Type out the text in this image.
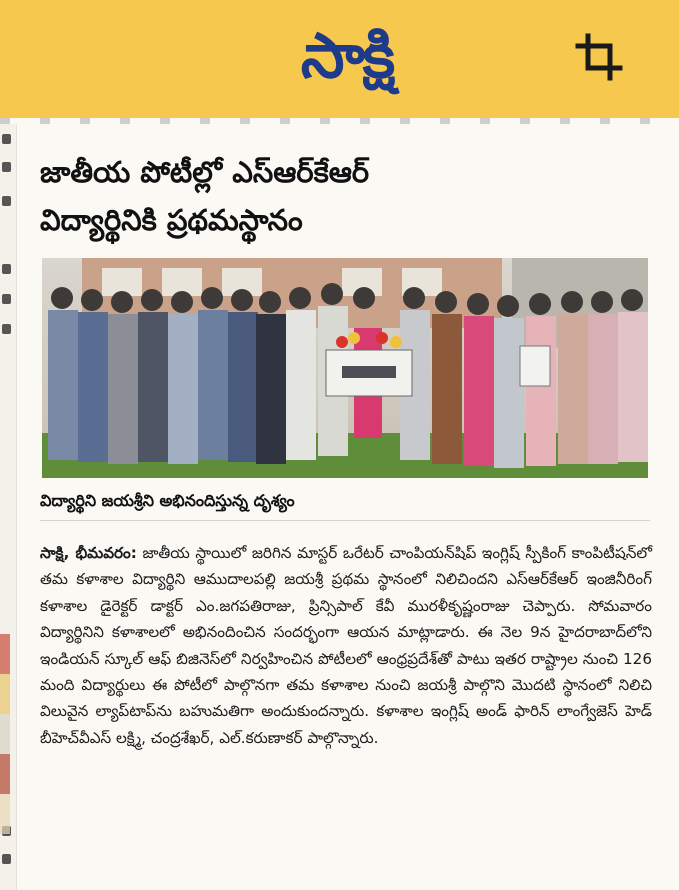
సాక్షి
జాతీయ పోటీల్లో ఎస్‌ఆర్‌కేఆర్
విద్యార్థినికి ప్రథమస్థానం
విద్యార్థిని జయశ్రీని అభినందిస్తున్న దృశ్యం
సాక్షి, భీమవరం: జాతీయ స్థాయిలో జరిగిన మాస్టర్ ఒరేటర్ చాంపియన్‌షిప్ ఇంగ్లిష్ స్పీకింగ్ కాంపిటీషన్‌లో తమ కళాశాల విద్యార్థిని ఆముదాలపల్లి జయశ్రీ ప్రథమ స్థానంలో నిలిచిందని ఎస్‌ఆర్‌కేఆర్ ఇంజినీరింగ్ కళాశాల డైరెక్టర్ డాక్టర్ ఎం.జగపతిరాజు, ప్రిన్సిపాల్ కేవీ మురళీకృష్ణంరాజు చెప్పారు. సోమవారం విద్యార్థినిని కళాశాలలో అభినందించిన సందర్భంగా ఆయన మాట్లాడారు. ఈ నెల 9న హైదరాబాద్‌లోని ఇండియన్ స్కూల్ ఆఫ్ బిజినెస్‌లో నిర్వహించిన పోటీలలో ఆంధ్రప్రదేశ్‌తో పాటు ఇతర రాష్ట్రాల నుంచి 126 మంది విద్యార్థులు ఈ పోటీలో పాల్గొనగా తమ కళాశాల నుంచి జయశ్రీ పాల్గొని మొదటి స్థానంలో నిలిచి విలువైన ల్యాప్‌టాప్‌ను బహుమతిగా అందుకుందన్నారు. కళాశాల ఇంగ్లిష్ అండ్ ఫారిన్ లాంగ్వేజెస్ హెడ్ బీహెచ్‌వీఎస్ లక్ష్మి, చంద్రశేఖర్, ఎల్.కరుణాకర్ పాల్గొన్నారు.
